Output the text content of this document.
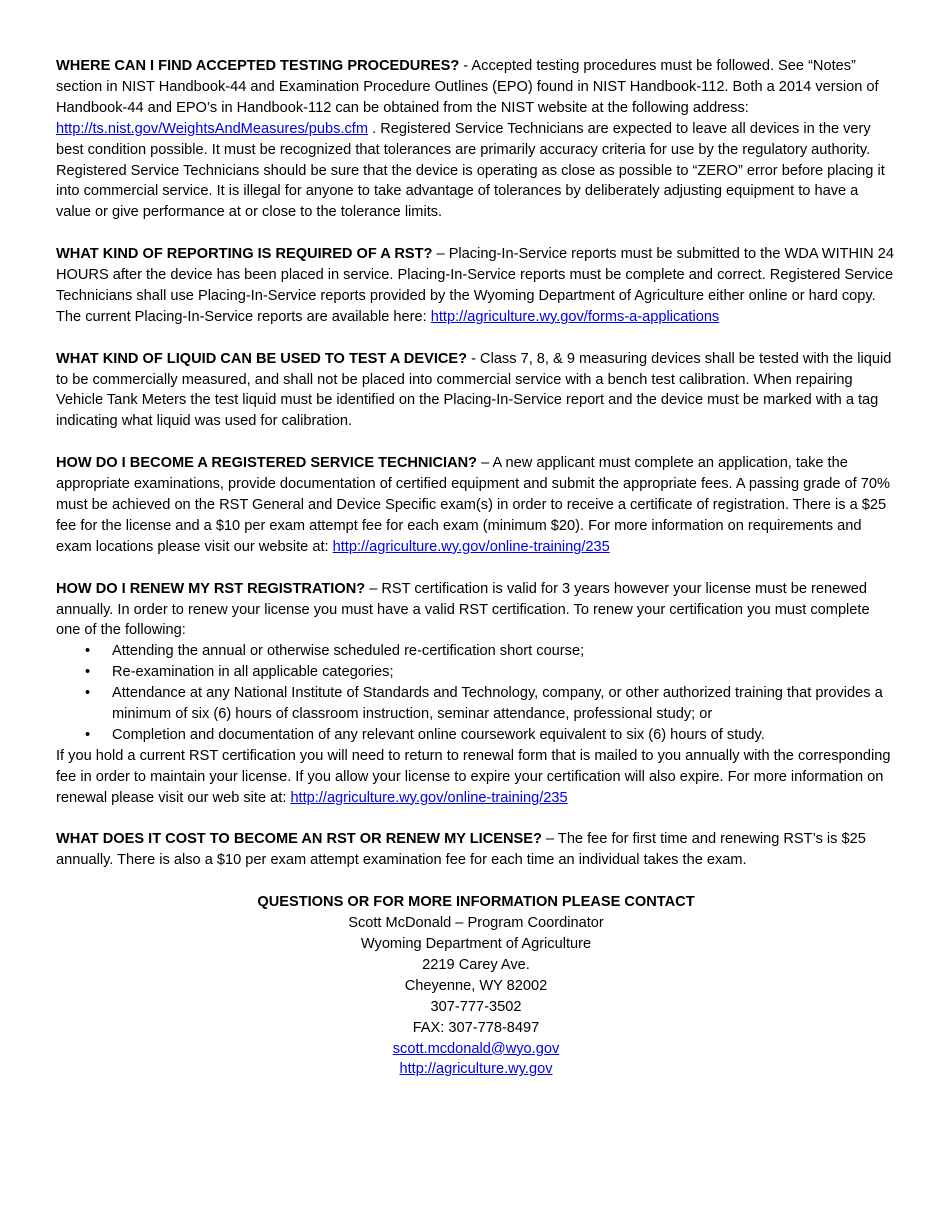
WHERE CAN I FIND ACCEPTED TESTING PROCEDURES? - Accepted testing procedures must be followed. See “Notes” section in NIST Handbook-44 and Examination Procedure Outlines (EPO) found in NIST Handbook-112. Both a 2014 version of Handbook-44 and EPO’s in Handbook-112 can be obtained from the NIST website at the following address: http://ts.nist.gov/WeightsAndMeasures/pubs.cfm . Registered Service Technicians are expected to leave all devices in the very best condition possible. It must be recognized that tolerances are primarily accuracy criteria for use by the regulatory authority. Registered Service Technicians should be sure that the device is operating as close as possible to “ZERO” error before placing it into commercial service. It is illegal for anyone to take advantage of tolerances by deliberately adjusting equipment to have a value or give performance at or close to the tolerance limits.

WHAT KIND OF REPORTING IS REQUIRED OF A RST? – Placing-In-Service reports must be submitted to the WDA WITHIN 24 HOURS after the device has been placed in service. Placing-In-Service reports must be complete and correct. Registered Service Technicians shall use Placing-In-Service reports provided by the Wyoming Department of Agriculture either online or hard copy. The current Placing-In-Service reports are available here: http://agriculture.wy.gov/forms-a-applications

WHAT KIND OF LIQUID CAN BE USED TO TEST A DEVICE? - Class 7, 8, & 9 measuring devices shall be tested with the liquid to be commercially measured, and shall not be placed into commercial service with a bench test calibration. When repairing Vehicle Tank Meters the test liquid must be identified on the Placing-In-Service report and the device must be marked with a tag indicating what liquid was used for calibration.

HOW DO I BECOME A REGISTERED SERVICE TECHNICIAN? – A new applicant must complete an application, take the appropriate examinations, provide documentation of certified equipment and submit the appropriate fees. A passing grade of 70% must be achieved on the RST General and Device Specific exam(s) in order to receive a certificate of registration. There is a $25 fee for the license and a $10 per exam attempt fee for each exam (minimum $20). For more information on requirements and exam locations please visit our website at: http://agriculture.wy.gov/online-training/235

HOW DO I RENEW MY RST REGISTRATION? – RST certification is valid for 3 years however your license must be renewed annually. In order to renew your license you must have a valid RST certification. To renew your certification you must complete one of the following:
• Attending the annual or otherwise scheduled re-certification short course;
• Re-examination in all applicable categories;
• Attendance at any National Institute of Standards and Technology, company, or other authorized training that provides a minimum of six (6) hours of classroom instruction, seminar attendance, professional study; or
• Completion and documentation of any relevant online coursework equivalent to six (6) hours of study.
If you hold a current RST certification you will need to return to renewal form that is mailed to you annually with the corresponding fee in order to maintain your license. If you allow your license to expire your certification will also expire. For more information on renewal please visit our web site at: http://agriculture.wy.gov/online-training/235

WHAT DOES IT COST TO BECOME AN RST OR RENEW MY LICENSE? – The fee for first time and renewing RST’s is $25 annually. There is also a $10 per exam attempt examination fee for each time an individual takes the exam.

QUESTIONS OR FOR MORE INFORMATION PLEASE CONTACT
Scott McDonald – Program Coordinator
Wyoming Department of Agriculture
2219 Carey Ave.
Cheyenne, WY 82002
307-777-3502
FAX: 307-778-8497
scott.mcdonald@wyo.gov
http://agriculture.wy.gov
